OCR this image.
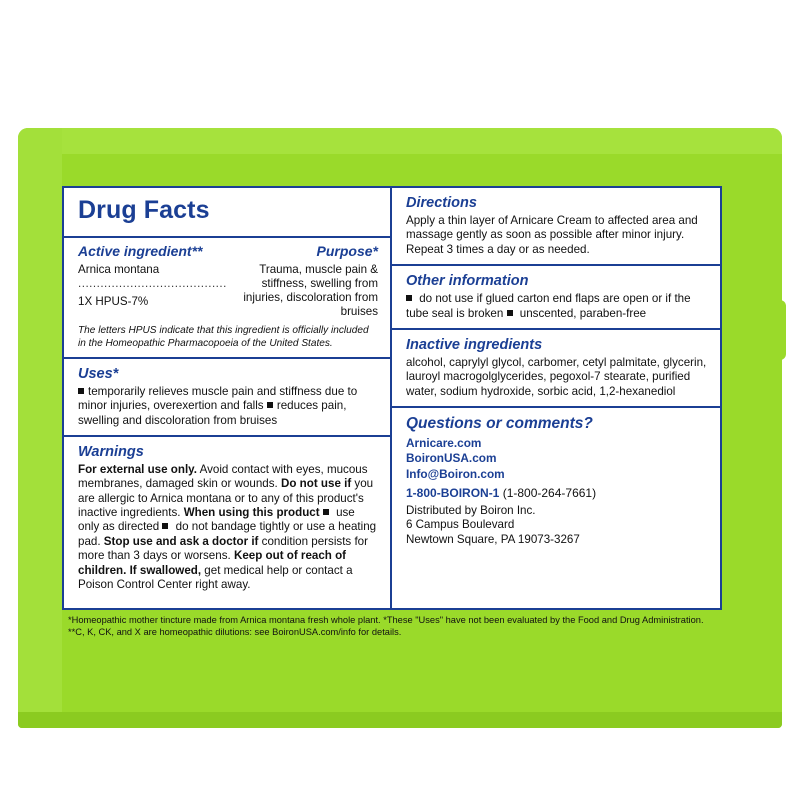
Drug Facts
Active ingredient**	Purpose*
Arnica montana........................................
1X HPUS-7%
Trauma, muscle pain & stiffness, swelling from injuries, discoloration from bruises
The letters HPUS indicate that this ingredient is officially included in the Homeopathic Pharmacopoeia of the United States.
Uses*
temporarily relieves muscle pain and stiffness due to minor injuries, overexertion and falls reduces pain, swelling and discoloration from bruises
Warnings
For external use only. Avoid contact with eyes, mucous membranes, damaged skin or wounds. Do not use if you are allergic to Arnica montana or to any of this product's inactive ingredients. When using this product  use only as directed  do not bandage tightly or use a heating pad. Stop use and ask a doctor if condition persists for more than 3 days or worsens. Keep out of reach of children. If swallowed, get medical help or contact a Poison Control Center right away.
Directions
Apply a thin layer of Arnicare Cream to affected area and massage gently as soon as possible after minor injury. Repeat 3 times a day or as needed.
Other information
do not use if glued carton end flaps are open or if the tube seal is broken  unscented, paraben-free
Inactive ingredients
alcohol, caprylyl glycol, carbomer, cetyl palmitate, glycerin, lauroyl macrogolglycerides, pegoxol-7 stearate, purified water, sodium hydroxide, sorbic acid, 1,2-hexanediol
Questions or comments?
Arnicare.com
BoironUSA.com
Info@Boiron.com
1-800-BOIRON-1 (1-800-264-7661)
Distributed by Boiron Inc.
6 Campus Boulevard
Newtown Square, PA 19073-3267
*Homeopathic mother tincture made from Arnica montana fresh whole plant. *These "Uses" have not been evaluated by the Food and Drug Administration.
**C, K, CK, and X are homeopathic dilutions: see BoironUSA.com/info for details.
